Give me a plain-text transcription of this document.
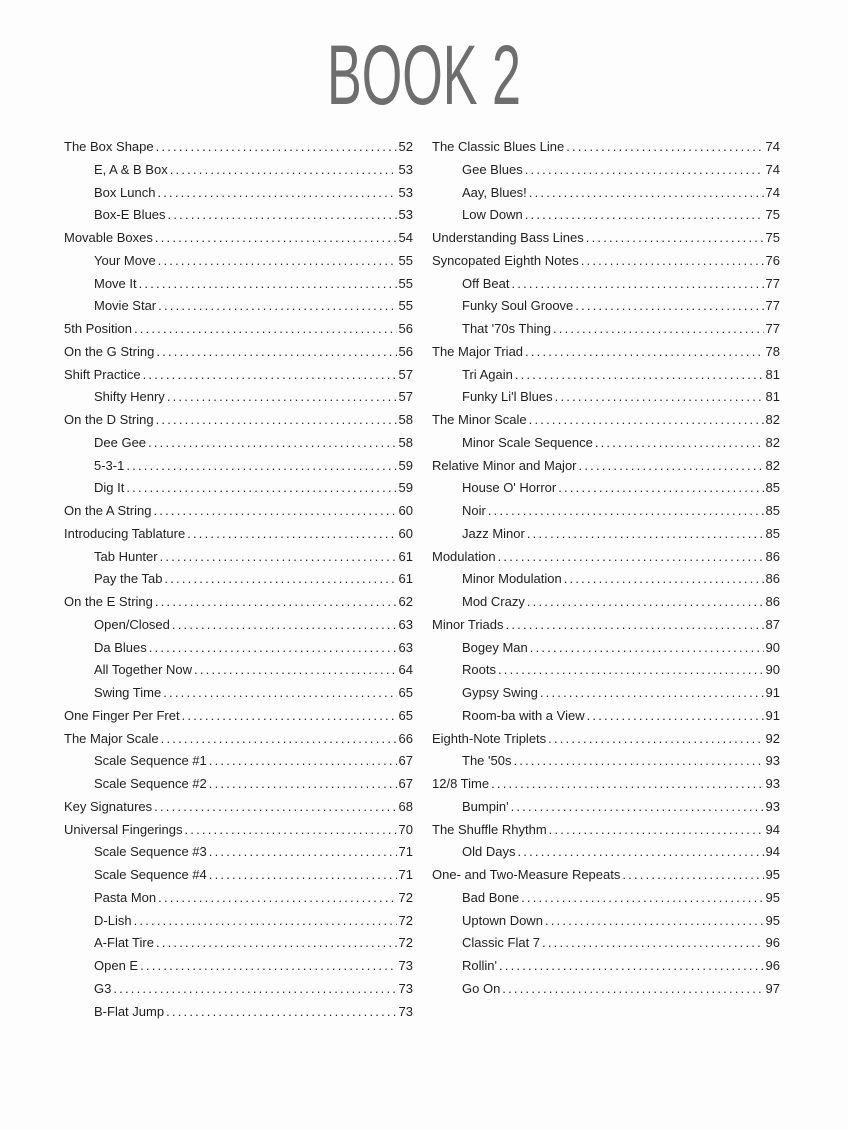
BOOK 2
The Box Shape .....	52
E, A & B Box .....	53
Box Lunch .....	53
Box-E Blues .....	53
Movable Boxes .....	54
Your Move .....	55
Move It .....	55
Movie Star .....	55
5th Position .....	56
On the G String .....	56
Shift Practice .....	57
Shifty Henry .....	57
On the D String .....	58
Dee Gee .....	58
5-3-1 .....	59
Dig It .....	59
On the A String .....	60
Introducing Tablature .....	60
Tab Hunter .....	61
Pay the Tab .....	61
On the E String .....	62
Open/Closed .....	63
Da Blues .....	63
All Together Now .....	64
Swing Time .....	65
One Finger Per Fret .....	65
The Major Scale .....	66
Scale Sequence #1 .....	67
Scale Sequence #2 .....	67
Key Signatures .....	68
Universal Fingerings .....	70
Scale Sequence #3 .....	71
Scale Sequence #4 .....	71
Pasta Mon .....	72
D-Lish .....	72
A-Flat Tire .....	72
Open E .....	73
G3 .....	73
B-Flat Jump .....	73
The Classic Blues Line .....	74
Gee Blues .....	74
Aay, Blues! .....	74
Low Down .....	75
Understanding Bass Lines .....	75
Syncopated Eighth Notes .....	76
Off Beat .....	77
Funky Soul Groove .....	77
That '70s Thing .....	77
The Major Triad .....	78
Tri Again .....	81
Funky Li'l Blues .....	81
The Minor Scale .....	82
Minor Scale Sequence .....	82
Relative Minor and Major .....	82
House O' Horror .....	85
Noir .....	85
Jazz Minor .....	85
Modulation .....	86
Minor Modulation .....	86
Mod Crazy .....	86
Minor Triads .....	87
Bogey Man .....	90
Roots .....	90
Gypsy Swing .....	91
Room-ba with a View .....	91
Eighth-Note Triplets .....	92
The '50s .....	93
12/8 Time .....	93
Bumpin' .....	93
The Shuffle Rhythm .....	94
Old Days .....	94
One- and Two-Measure Repeats .....	95
Bad Bone .....	95
Uptown Down .....	95
Classic Flat 7 .....	96
Rollin' .....	96
Go On .....	97
